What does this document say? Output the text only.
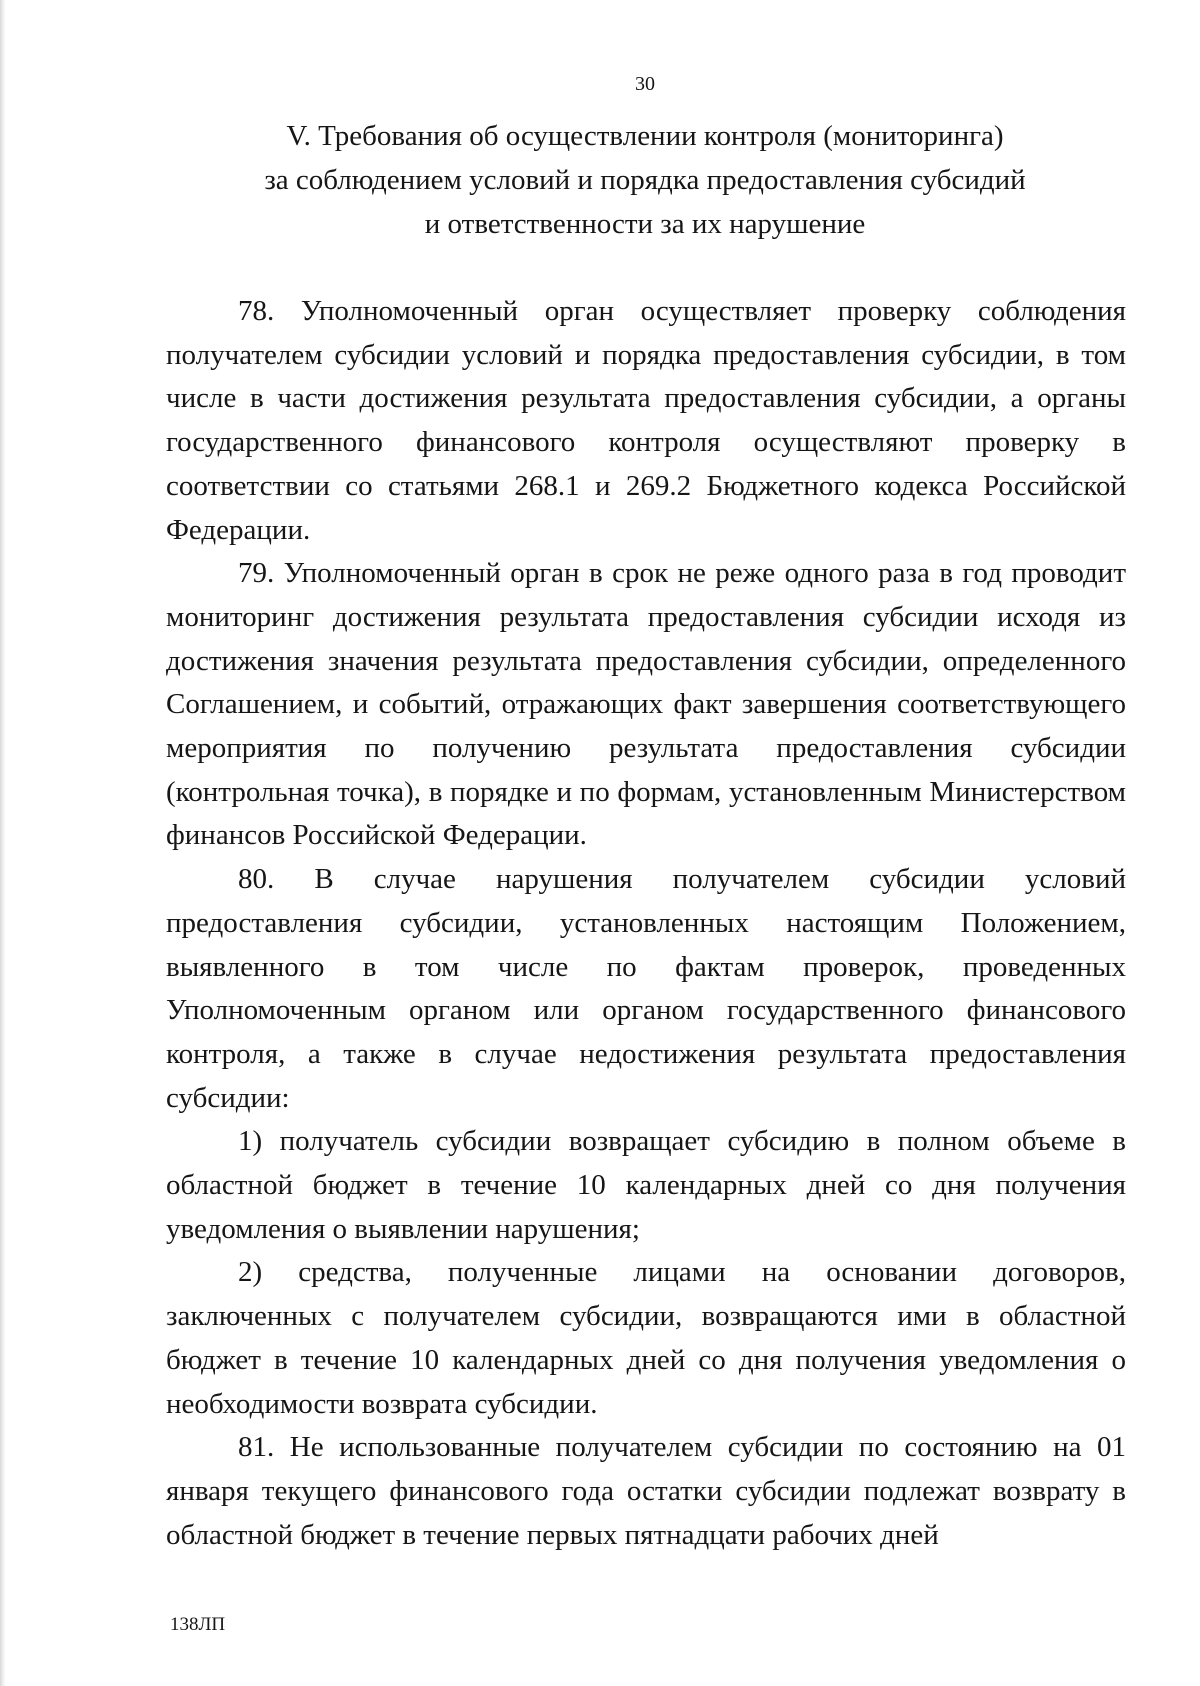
30
V. Требования об осуществлении контроля (мониторинга)
за соблюдением условий и порядка предоставления субсидий
и ответственности за их нарушение

78. Уполномоченный орган осуществляет проверку соблюдения получателем субсидии условий и порядка предоставления субсидии, в том числе в части достижения результата предоставления субсидии, а органы государственного финансового контроля осуществляют проверку в соответствии со статьями 268.1 и 269.2 Бюджетного кодекса Российской Федерации.

79. Уполномоченный орган в срок не реже одного раза в год проводит мониторинг достижения результата предоставления субсидии исходя из достижения значения результата предоставления субсидии, определенного Соглашением, и событий, отражающих факт завершения соответствующего мероприятия по получению результата предоставления субсидии (контрольная точка), в порядке и по формам, установленным Министерством финансов Российской Федерации.

80. В случае нарушения получателем субсидии условий предоставления субсидии, установленных настоящим Положением, выявленного в том числе по фактам проверок, проведенных Уполномоченным органом или органом государственного финансового контроля, а также в случае недостижения результата предоставления субсидии:

1) получатель субсидии возвращает субсидию в полном объеме в областной бюджет в течение 10 календарных дней со дня получения уведомления о выявлении нарушения;

2) средства, полученные лицами на основании договоров, заключенных с получателем субсидии, возвращаются ими в областной бюджет в течение 10 календарных дней со дня получения уведомления о необходимости возврата субсидии.

81. Не использованные получателем субсидии по состоянию на 01 января текущего финансового года остатки субсидии подлежат возврату в областной бюджет в течение первых пятнадцати рабочих дней

138ЛП
